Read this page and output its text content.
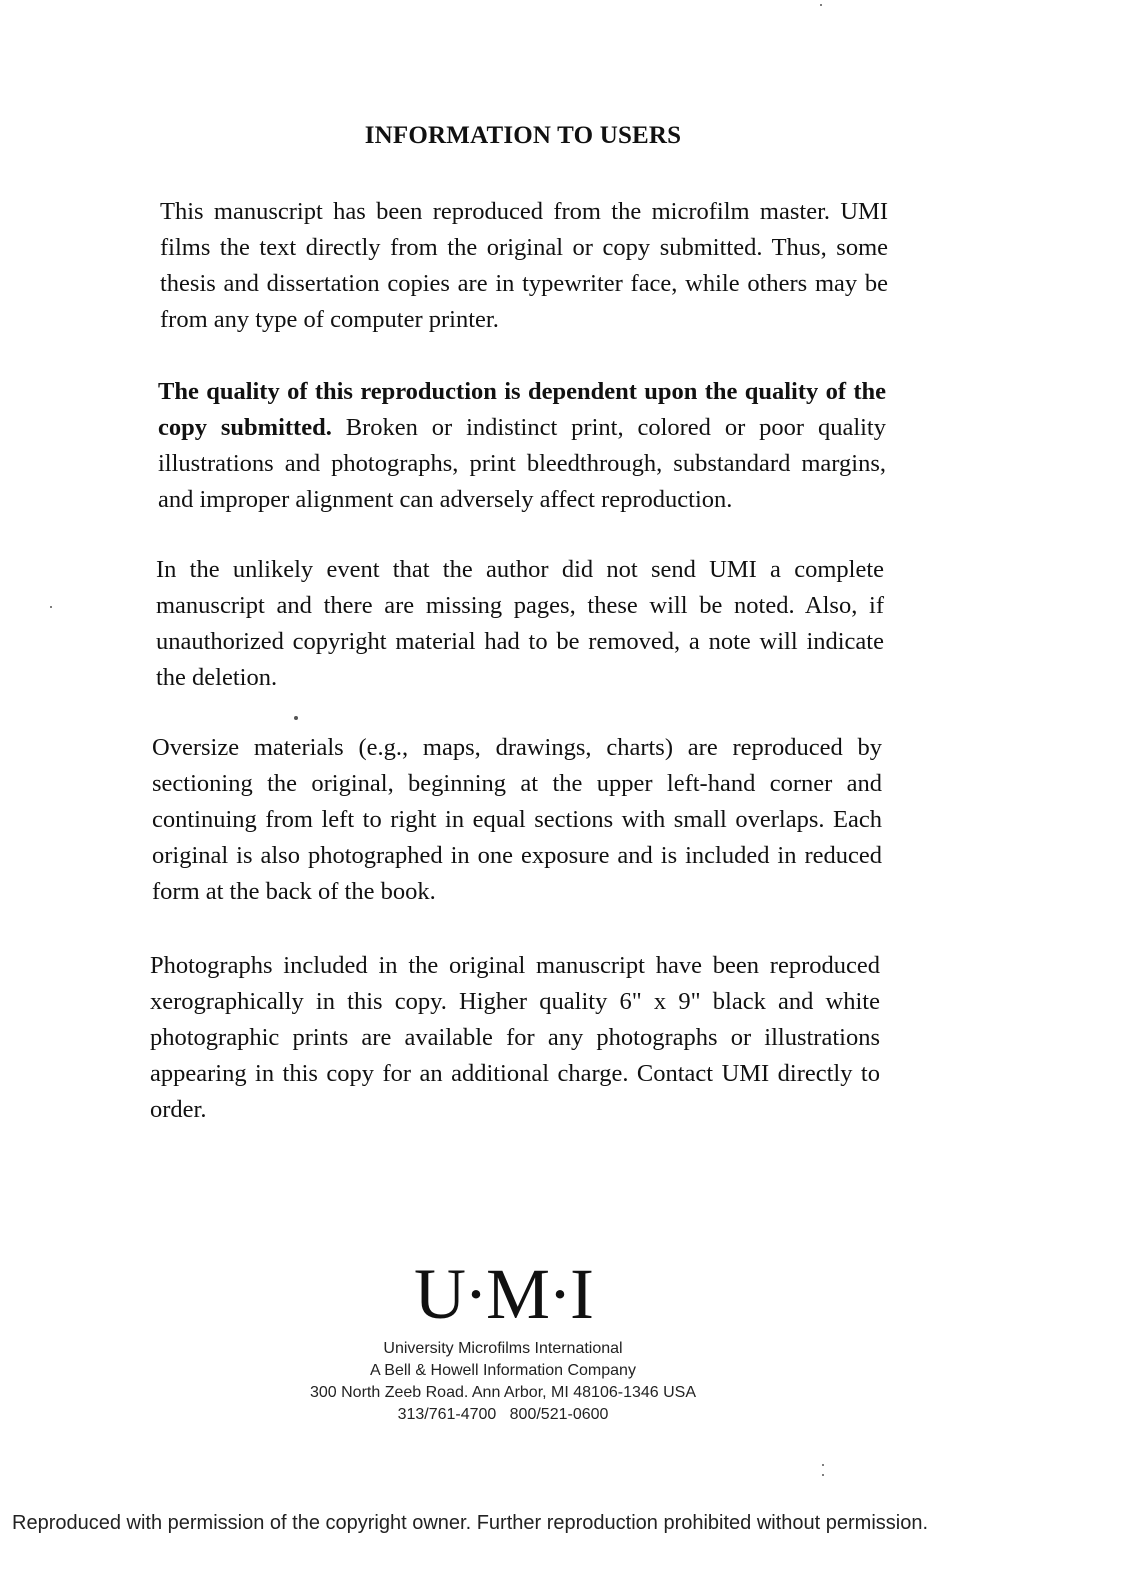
INFORMATION TO USERS

This manuscript has been reproduced from the microfilm master. UMI films the text directly from the original or copy submitted. Thus, some thesis and dissertation copies are in typewriter face, while others may be from any type of computer printer.

The quality of this reproduction is dependent upon the quality of the copy submitted. Broken or indistinct print, colored or poor quality illustrations and photographs, print bleedthrough, substandard margins, and improper alignment can adversely affect reproduction.

In the unlikely event that the author did not send UMI a complete manuscript and there are missing pages, these will be noted. Also, if unauthorized copyright material had to be removed, a note will indicate the deletion.

Oversize materials (e.g., maps, drawings, charts) are reproduced by sectioning the original, beginning at the upper left-hand corner and continuing from left to right in equal sections with small overlaps. Each original is also photographed in one exposure and is included in reduced form at the back of the book.

Photographs included in the original manuscript have been reproduced xerographically in this copy. Higher quality 6" x 9" black and white photographic prints are available for any photographs or illustrations appearing in this copy for an additional charge. Contact UMI directly to order.

U·M·I
University Microfilms International
A Bell & Howell Information Company
300 North Zeeb Road. Ann Arbor, MI 48106-1346 USA
313/761-4700   800/521-0600
Reproduced with permission of the copyright owner. Further reproduction prohibited without permission.
